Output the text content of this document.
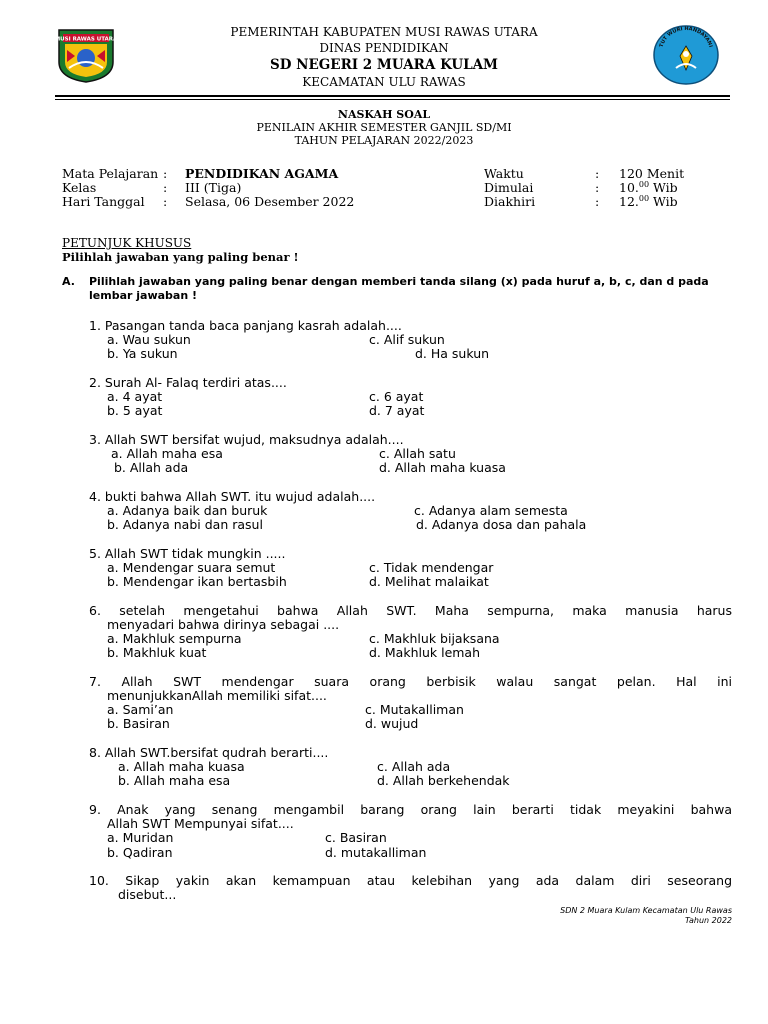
MUSI RAWAS UTARA
PEMERINTAH KABUPATEN MUSI RAWAS UTARA
DINAS PENDIDIKAN
SD NEGERI 2 MUARA KULAM
KECAMATAN ULU RAWAS
TUT WURI HANDAYANI
NASKAH SOAL
PENILAIN AKHIR SEMESTER GANJIL SD/MI
TAHUN PELAJARAN 2022/2023
Mata Pelajaran : PENDIDIKAN AGAMA
Kelas	: III (Tiga)
Hari Tanggal : Selasa, 06 Desember 2022
Waktu	: 120 Menit
Dimulai	: 10.00 Wib
Diakhiri	: 12.00 Wib
PETUNJUK KHUSUS
Pilihlah jawaban yang paling benar !
A. Pilihlah jawaban yang paling benar dengan memberi tanda silang (x) pada huruf a, b, c, dan d pada lembar jawaban !
1. Pasangan tanda baca panjang kasrah adalah....
a. Wau sukun
b. Ya sukun
c. Alif sukun
d. Ha sukun
2. Surah Al- Falaq terdiri atas....
a. 4 ayat
b. 5 ayat
c. 6 ayat
d. 7 ayat
3. Allah SWT bersifat wujud, maksudnya adalah....
a. Allah maha esa
b. Allah ada
c. Allah satu
d. Allah maha kuasa
4. bukti bahwa Allah SWT. itu wujud adalah....
a. Adanya baik dan buruk
b. Adanya nabi dan rasul
c. Adanya alam semesta
d. Adanya dosa dan pahala
5. Allah SWT tidak mungkin .....
a. Mendengar suara semut
b. Mendengar ikan bertasbih
c. Tidak mendengar
d. Melihat malaikat
6. setelah mengetahui bahwa Allah SWT. Maha sempurna, maka manusia harus
menyadari bahwa dirinya sebagai ....
a. Makhluk sempurna
b. Makhluk kuat
c. Makhluk bijaksana
d. Makhluk lemah
7. Allah SWT mendengar suara orang berbisik walau sangat pelan. Hal ini
menunjukkanAllah memiliki sifat....
a. Sami’an
b. Basiran
c. Mutakalliman
d. wujud
8. Allah SWT.bersifat qudrah berarti....
a. Allah maha kuasa
b. Allah maha esa
c. Allah ada
d. Allah berkehendak
9. Anak yang senang mengambil barang orang lain berarti tidak meyakini bahwa
Allah SWT Mempunyai sifat....
a. Muridan
b. Qadiran
c. Basiran
d. mutakalliman
10. Sikap yakin akan kemampuan atau kelebihan yang ada dalam diri seseorang
disebut...
SDN 2 Muara Kulam Kecamatan Ulu Rawas
Tahun 2022
